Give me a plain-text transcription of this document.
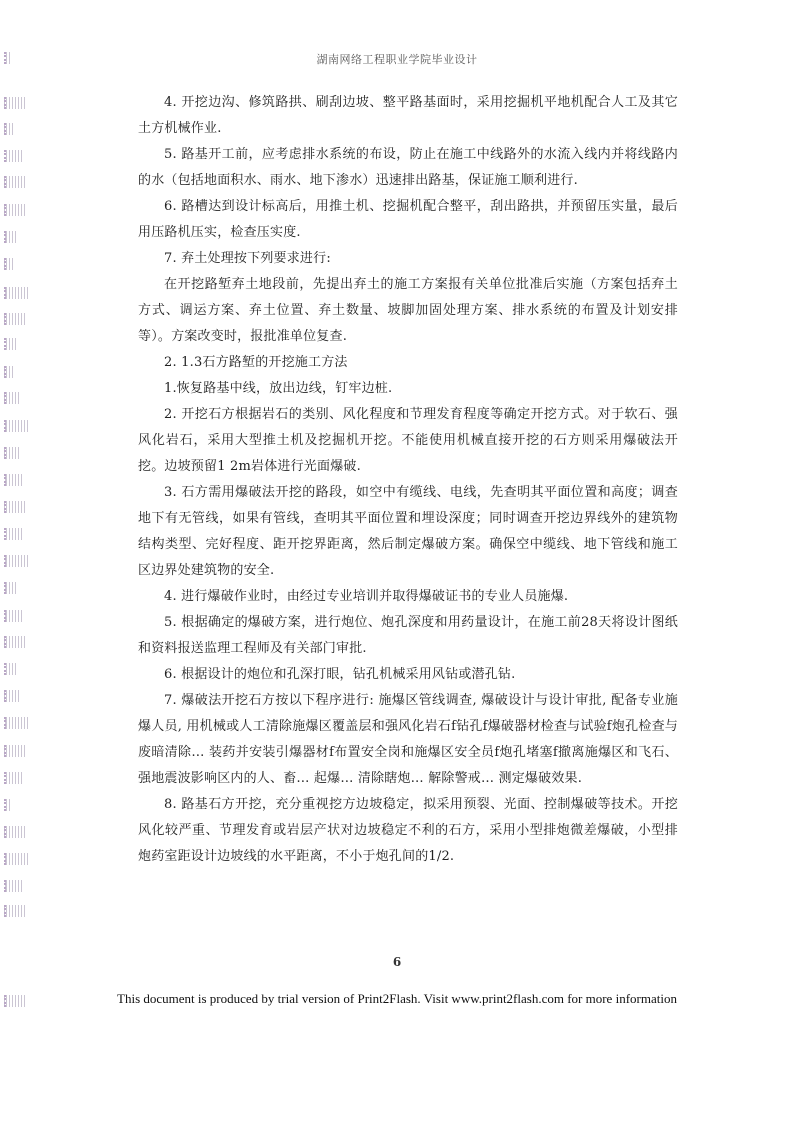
湖南网络工程职业学院毕业设计

4. 开挖边沟、修筑路拱、刷刮边坡、整平路基面时，采用挖掘机平地机配合人工及其它土方机械作业.

5. 路基开工前，应考虑排水系统的布设，防止在施工中线路外的水流入线内并将线路内的水（包括地面积水、雨水、地下渗水）迅速排出路基，保证施工顺利进行.

6. 路槽达到设计标高后，用推土机、挖掘机配合整平，刮出路拱，并预留压实量，最后用压路机压实，检查压实度.

7. 弃土处理按下列要求进行:

在开挖路堑弃土地段前，先提出弃土的施工方案报有关单位批准后实施（方案包括弃土方式、调运方案、弃土位置、弃土数量、坡脚加固处理方案、排水系统的布置及计划安排等）。方案改变时，报批准单位复查.

2. 1.3石方路堑的开挖施工方法

1.恢复路基中线，放出边线，钉牢边桩.

2. 开挖石方根据岩石的类别、风化程度和节理发育程度等确定开挖方式。对于软石、强风化岩石，采用大型推土机及挖掘机开挖。不能使用机械直接开挖的石方则采用爆破法开挖。边坡预留1 2m岩体进行光面爆破.

3. 石方需用爆破法开挖的路段，如空中有缆线、电线，先查明其平面位置和高度；调查地下有无管线，如果有管线，查明其平面位置和埋设深度；同时调查开挖边界线外的建筑物结构类型、完好程度、距开挖界距离，然后制定爆破方案。确保空中缆线、地下管线和施工区边界处建筑物的安全.

4. 进行爆破作业时，由经过专业培训并取得爆破证书的专业人员施爆.

5. 根据确定的爆破方案，进行炮位、炮孔深度和用药量设计，在施工前28天将设计图纸和资料报送监理工程师及有关部门审批.

6. 根据设计的炮位和孔深打眼，钻孔机械采用风钻或潜孔钻.

7. 爆破法开挖石方按以下程序进行: 施爆区管线调查, 爆破设计与设计审批, 配备专业施爆人员, 用机械或人工清除施爆区覆盖层和强风化岩石f钻孔f爆破器材检查与试验f炮孔检查与废暗清除… 装药并安装引爆器材f布置安全岗和施爆区安全员f炮孔堵塞f撤离施爆区和飞石、强地震波影响区内的人、畜… 起爆… 清除瞎炮… 解除警戒… 测定爆破效果.

8. 路基石方开挖，充分重视挖方边坡稳定，拟采用预裂、光面、控制爆破等技术。开挖风化较严重、节理发育或岩层产状对边坡稳定不利的石方，采用小型排炮微差爆破，小型排炮药室距设计边坡线的水平距离，不小于炮孔间的1/2.

6
This document is produced by trial version of Print2Flash. Visit www.print2flash.com for more information
